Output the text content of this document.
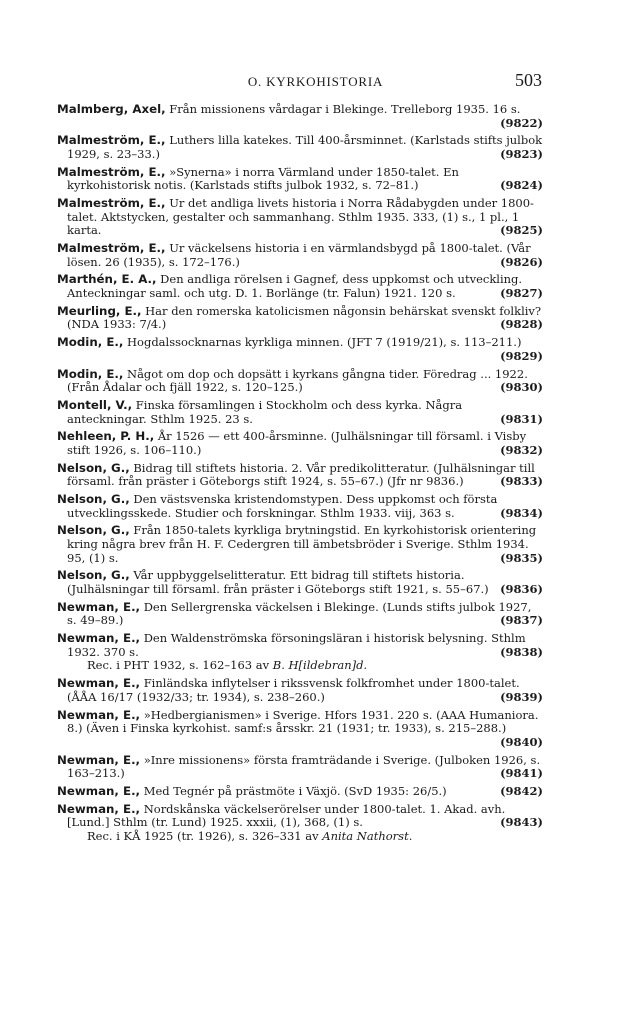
O. KYRKOHISTORIA	503
Malmberg, Axel, Från missionens vårdagar i Blekinge. Trelleborg 1935. 16 s.
(9822)
Malmeström, E., Luthers lilla katekes. Till 400-årsminnet. (Karlstads stifts julbok 1929, s. 23–33.)	(9823)
Malmeström, E., »Synerna» i norra Värmland under 1850-talet. En kyrkohistorisk notis. (Karlstads stifts julbok 1932, s. 72–81.)	(9824)
Malmeström, E., Ur det andliga livets historia i Norra Rådabygden under 1800-talet. Aktstycken, gestalter och sammanhang. Sthlm 1935. 333, (1) s., 1 pl., 1 karta.	(9825)
Malmeström, E., Ur väckelsens historia i en värmlandsbygd på 1800-talet. (Vår lösen. 26 (1935), s. 172–176.)	(9826)
Marthén, E. A., Den andliga rörelsen i Gagnef, dess uppkomst och utveckling. Anteckningar saml. och utg. D. 1. Borlänge (tr. Falun) 1921. 120 s.	(9827)
Meurling, E., Har den romerska katolicismen någonsin behärskat svenskt folkliv? (NDA 1933: 7/4.)	(9828)
Modin, E., Hogdalssocknarnas kyrkliga minnen. (JFT 7 (1919/21), s. 113–211.)
(9829)
Modin, E., Något om dop och dopsätt i kyrkans gångna tider. Föredrag ... 1922. (Från Ådalar och fjäll 1922, s. 120–125.)	(9830)
Montell, V., Finska församlingen i Stockholm och dess kyrka. Några anteckningar. Sthlm 1925. 23 s.	(9831)
Nehleen, P. H., År 1526 — ett 400-årsminne. (Julhälsningar till församl. i Visby stift 1926, s. 106–110.)	(9832)
Nelson, G., Bidrag till stiftets historia. 2. Vår predikolitteratur. (Julhälsningar till församl. från präster i Göteborgs stift 1924, s. 55–67.) (Jfr nr 9836.)	(9833)
Nelson, G., Den västsvenska kristendomstypen. Dess uppkomst och första utvecklingsskede. Studier och forskningar. Sthlm 1933. viij, 363 s.	(9834)
Nelson, G., Från 1850-talets kyrkliga brytningstid. En kyrkohistorisk orientering kring några brev från H. F. Cedergren till ämbetsbröder i Sverige. Sthlm 1934. 95, (1) s.	(9835)
Nelson, G., Vår uppbyggelselitteratur. Ett bidrag till stiftets historia. (Julhälsningar till församl. från präster i Göteborgs stift 1921, s. 55–67.) (9836)
Newman, E., Den Sellergrenska väckelsen i Blekinge. (Lunds stifts julbok 1927, s. 49–89.)	(9837)
Newman, E., Den Waldenströmska försoningsläran i historisk belysning. Sthlm 1932. 370 s.	(9838)
Rec. i PHT 1932, s. 162–163 av B. H[ildebran]d.
Newman, E., Finländska inflytelser i rikssvensk folkfromhet under 1800-talet. (ÅÅA 16/17 (1932/33; tr. 1934), s. 238–260.)	(9839)
Newman, E., »Hedbergianismen» i Sverige. Hfors 1931. 220 s. (AAA Humaniora. 8.) (Även i Finska kyrkohist. samf:s årsskr. 21 (1931; tr. 1933), s. 215–288.)
(9840)
Newman, E., »Inre missionens» första framträdande i Sverige. (Julboken 1926, s. 163–213.)	(9841)
Newman, E., Med Tegnér på prästmöte i Växjö. (SvD 1935: 26/5.)	(9842)
Newman, E., Nordskånska väckelserörelser under 1800-talet. 1. Akad. avh. [Lund.] Sthlm (tr. Lund) 1925. xxxii, (1), 368, (1) s.	(9843)
Rec. i KÅ 1925 (tr. 1926), s. 326–331 av Anita Nathorst.
